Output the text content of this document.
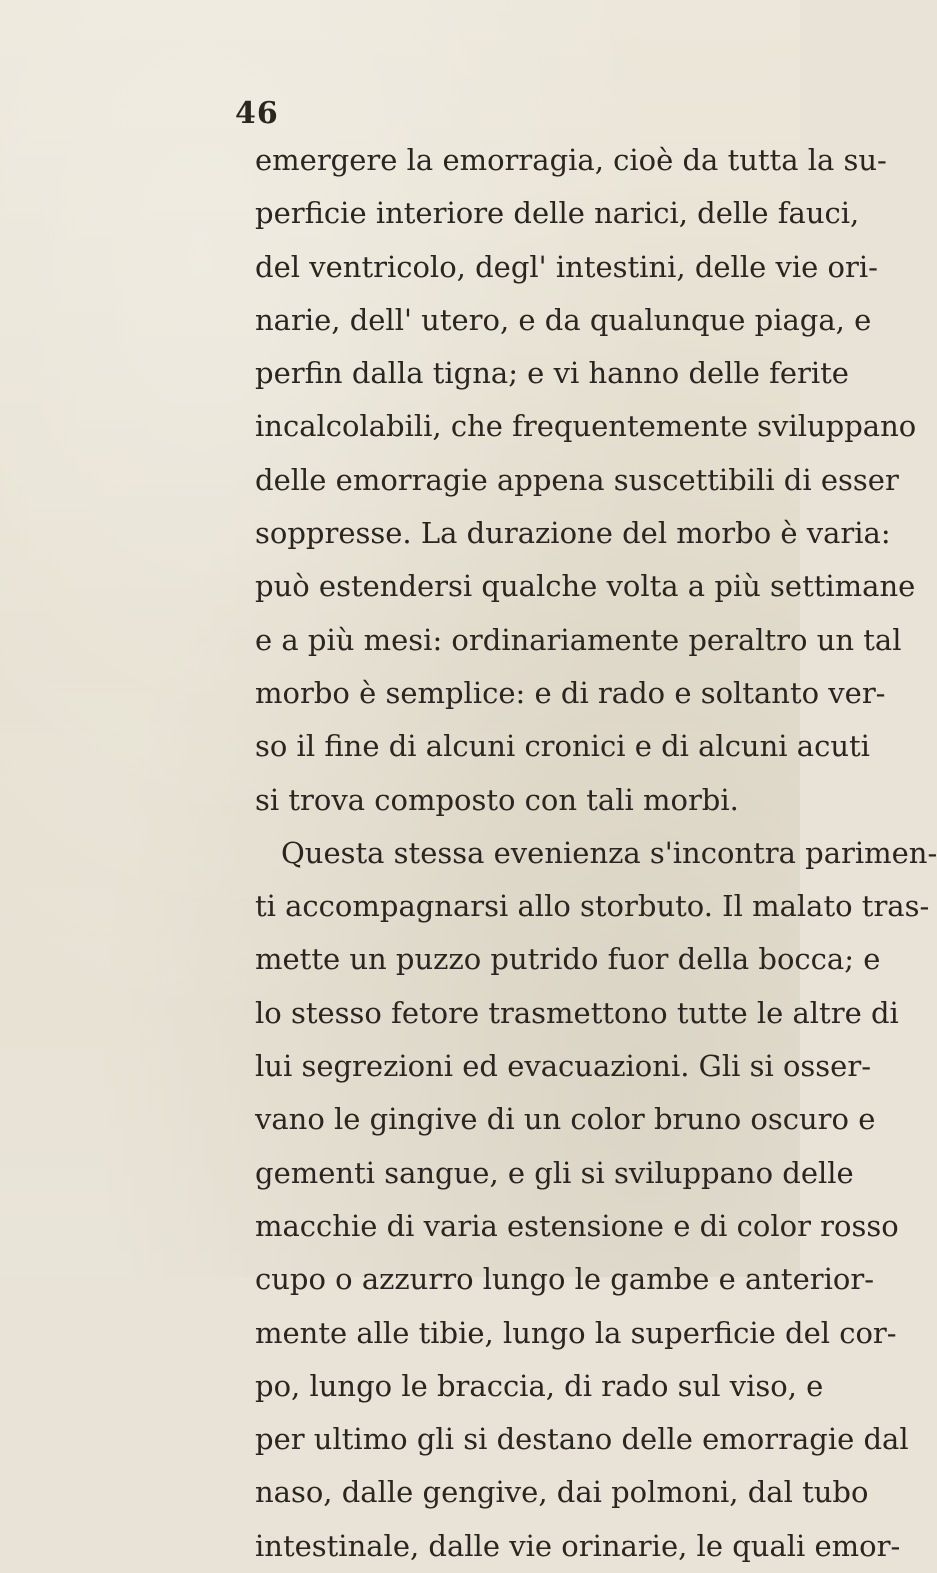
46
emergere la emorragia, cioè da tutta la su-
perficie interiore delle narici, delle fauci,
del ventricolo, degl' intestini, delle vie ori-
narie, dell' utero, e da qualunque piaga, e
perfin dalla tigna; e vi hanno delle ferite
incalcolabili, che frequentemente sviluppano
delle emorragie appena suscettibili di esser
soppresse. La durazione del morbo è varia:
può estendersi qualche volta a più settimane
e a più mesi: ordinariamente peraltro un tal
morbo è semplice: e di rado e soltanto ver-
so il fine di alcuni cronici e di alcuni acuti
si trova composto con tali morbi.
Questa stessa evenienza s'incontra parimen-
ti accompagnarsi allo storbuto. Il malato tras-
mette un puzzo putrido fuor della bocca; e
lo stesso fetore trasmettono tutte le altre di
lui segrezioni ed evacuazioni. Gli si osser-
vano le gingive di un color bruno oscuro e
gementi sangue, e gli si sviluppano delle
macchie di varia estensione e di color rosso
cupo o azzurro lungo le gambe e anterior-
mente alle tibie, lungo la superficie del cor-
po, lungo le braccia, di rado sul viso, e
per ultimo gli si destano delle emorragie dal
naso, dalle gengive, dai polmoni, dal tubo
intestinale, dalle vie orinarie, le quali emor-
